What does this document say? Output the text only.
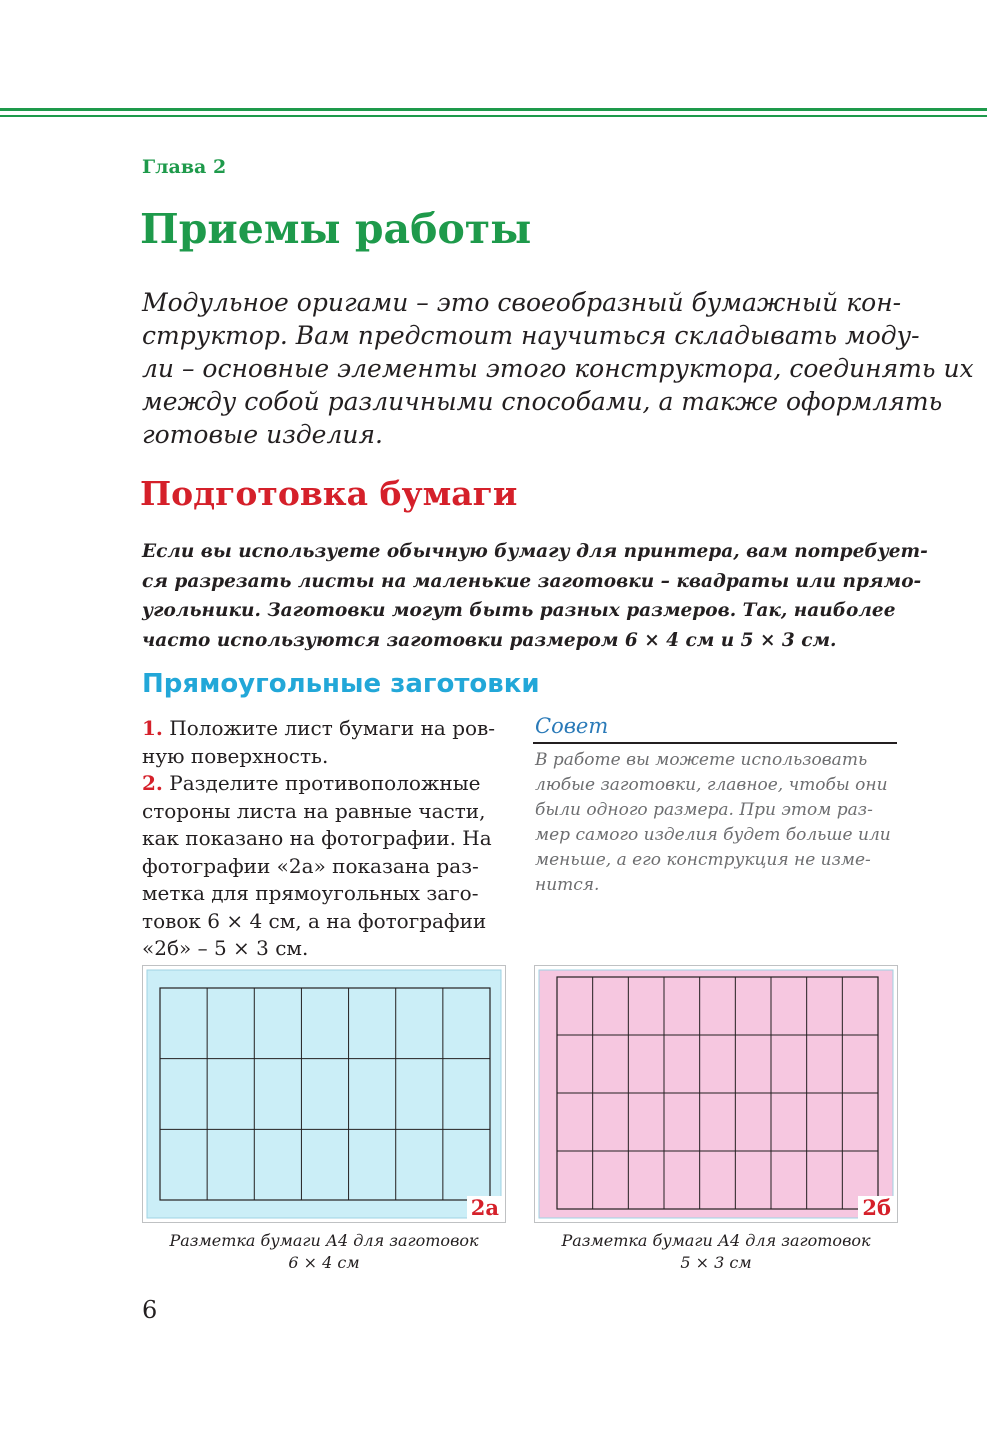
Глава 2
Приемы работы
Модульное оригами – это своеобразный бумажный кон-
структор. Вам предстоит научиться складывать моду-
ли – основные элементы этого конструктора, соединять их
между собой различными способами, а также оформлять
готовые изделия.
Подготовка бумаги
Если вы используете обычную бумагу для принтера, вам потребует-
ся разрезать листы на маленькие заготовки – квадраты или прямо-
угольники. Заготовки могут быть разных размеров. Так, наиболее
часто используются заготовки размером 6 × 4 см и 5 × 3 см.
Прямоугольные заготовки
1. Положите лист бумаги на ров-
ную поверхность.
2. Разделите противоположные
стороны листа на равные части,
как показано на фотографии. На
фотографии «2а» показана раз-
метка для прямоугольных заго-
товок 6 × 4 см, а на фотографии
«2б» – 5 × 3 см.
Совет
В работе вы можете использовать
любые заготовки, главное, чтобы они
были одного размера. При этом раз-
мер самого изделия будет больше или
меньше, а его конструкция не изме-
нится.
2а
Разметка бумаги А4 для заготовок
6 × 4 см
2б
Разметка бумаги А4 для заготовок
5 × 3 см
6
